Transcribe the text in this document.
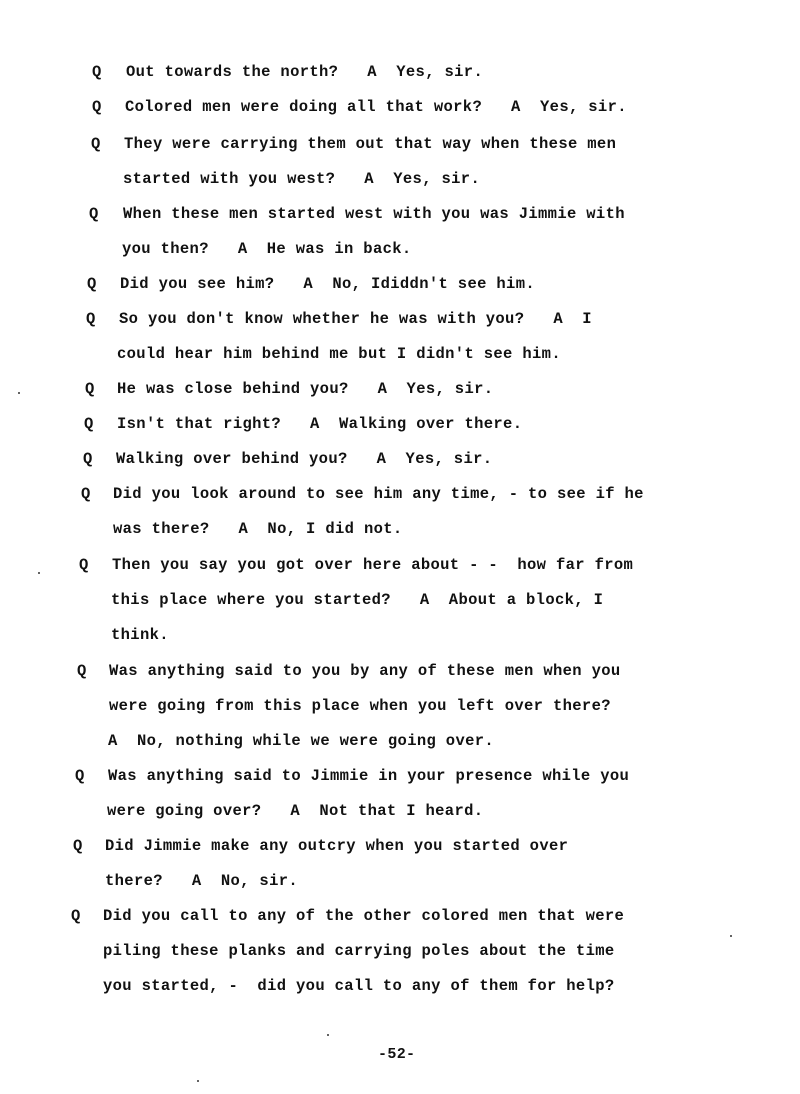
Q Out towards the north?   A  Yes, sir.
Q Colored men were doing all that work?   A  Yes, sir.
Q They were carrying them out that way when these men
started with you west?   A  Yes, sir.
Q When these men started west with you was Jimmie with
you then?   A  He was in back.
Q Did you see him?   A  No, Ididdn't see him.
Q So you don't know whether he was with you?   A  I
could hear him behind me but I didn't see him.
Q He was close behind you?   A  Yes, sir.
Q Isn't that right?   A  Walking over there.
Q Walking over behind you?   A  Yes, sir.
Q Did you look around to see him any time, - to see if he
was there?   A  No, I did not.
Q Then you say you got over here about - -  how far from
this place where you started?   A  About a block, I
think.
Q Was anything said to you by any of these men when you
were going from this place when you left over there?
A  No, nothing while we were going over.
Q Was anything said to Jimmie in your presence while you
were going over?   A  Not that I heard.
Q Did Jimmie make any outcry when you started over
there?   A  No, sir.
Q Did you call to any of the other colored men that were
piling these planks and carrying poles about the time
you started, -  did you call to any of them for help?
-52-
